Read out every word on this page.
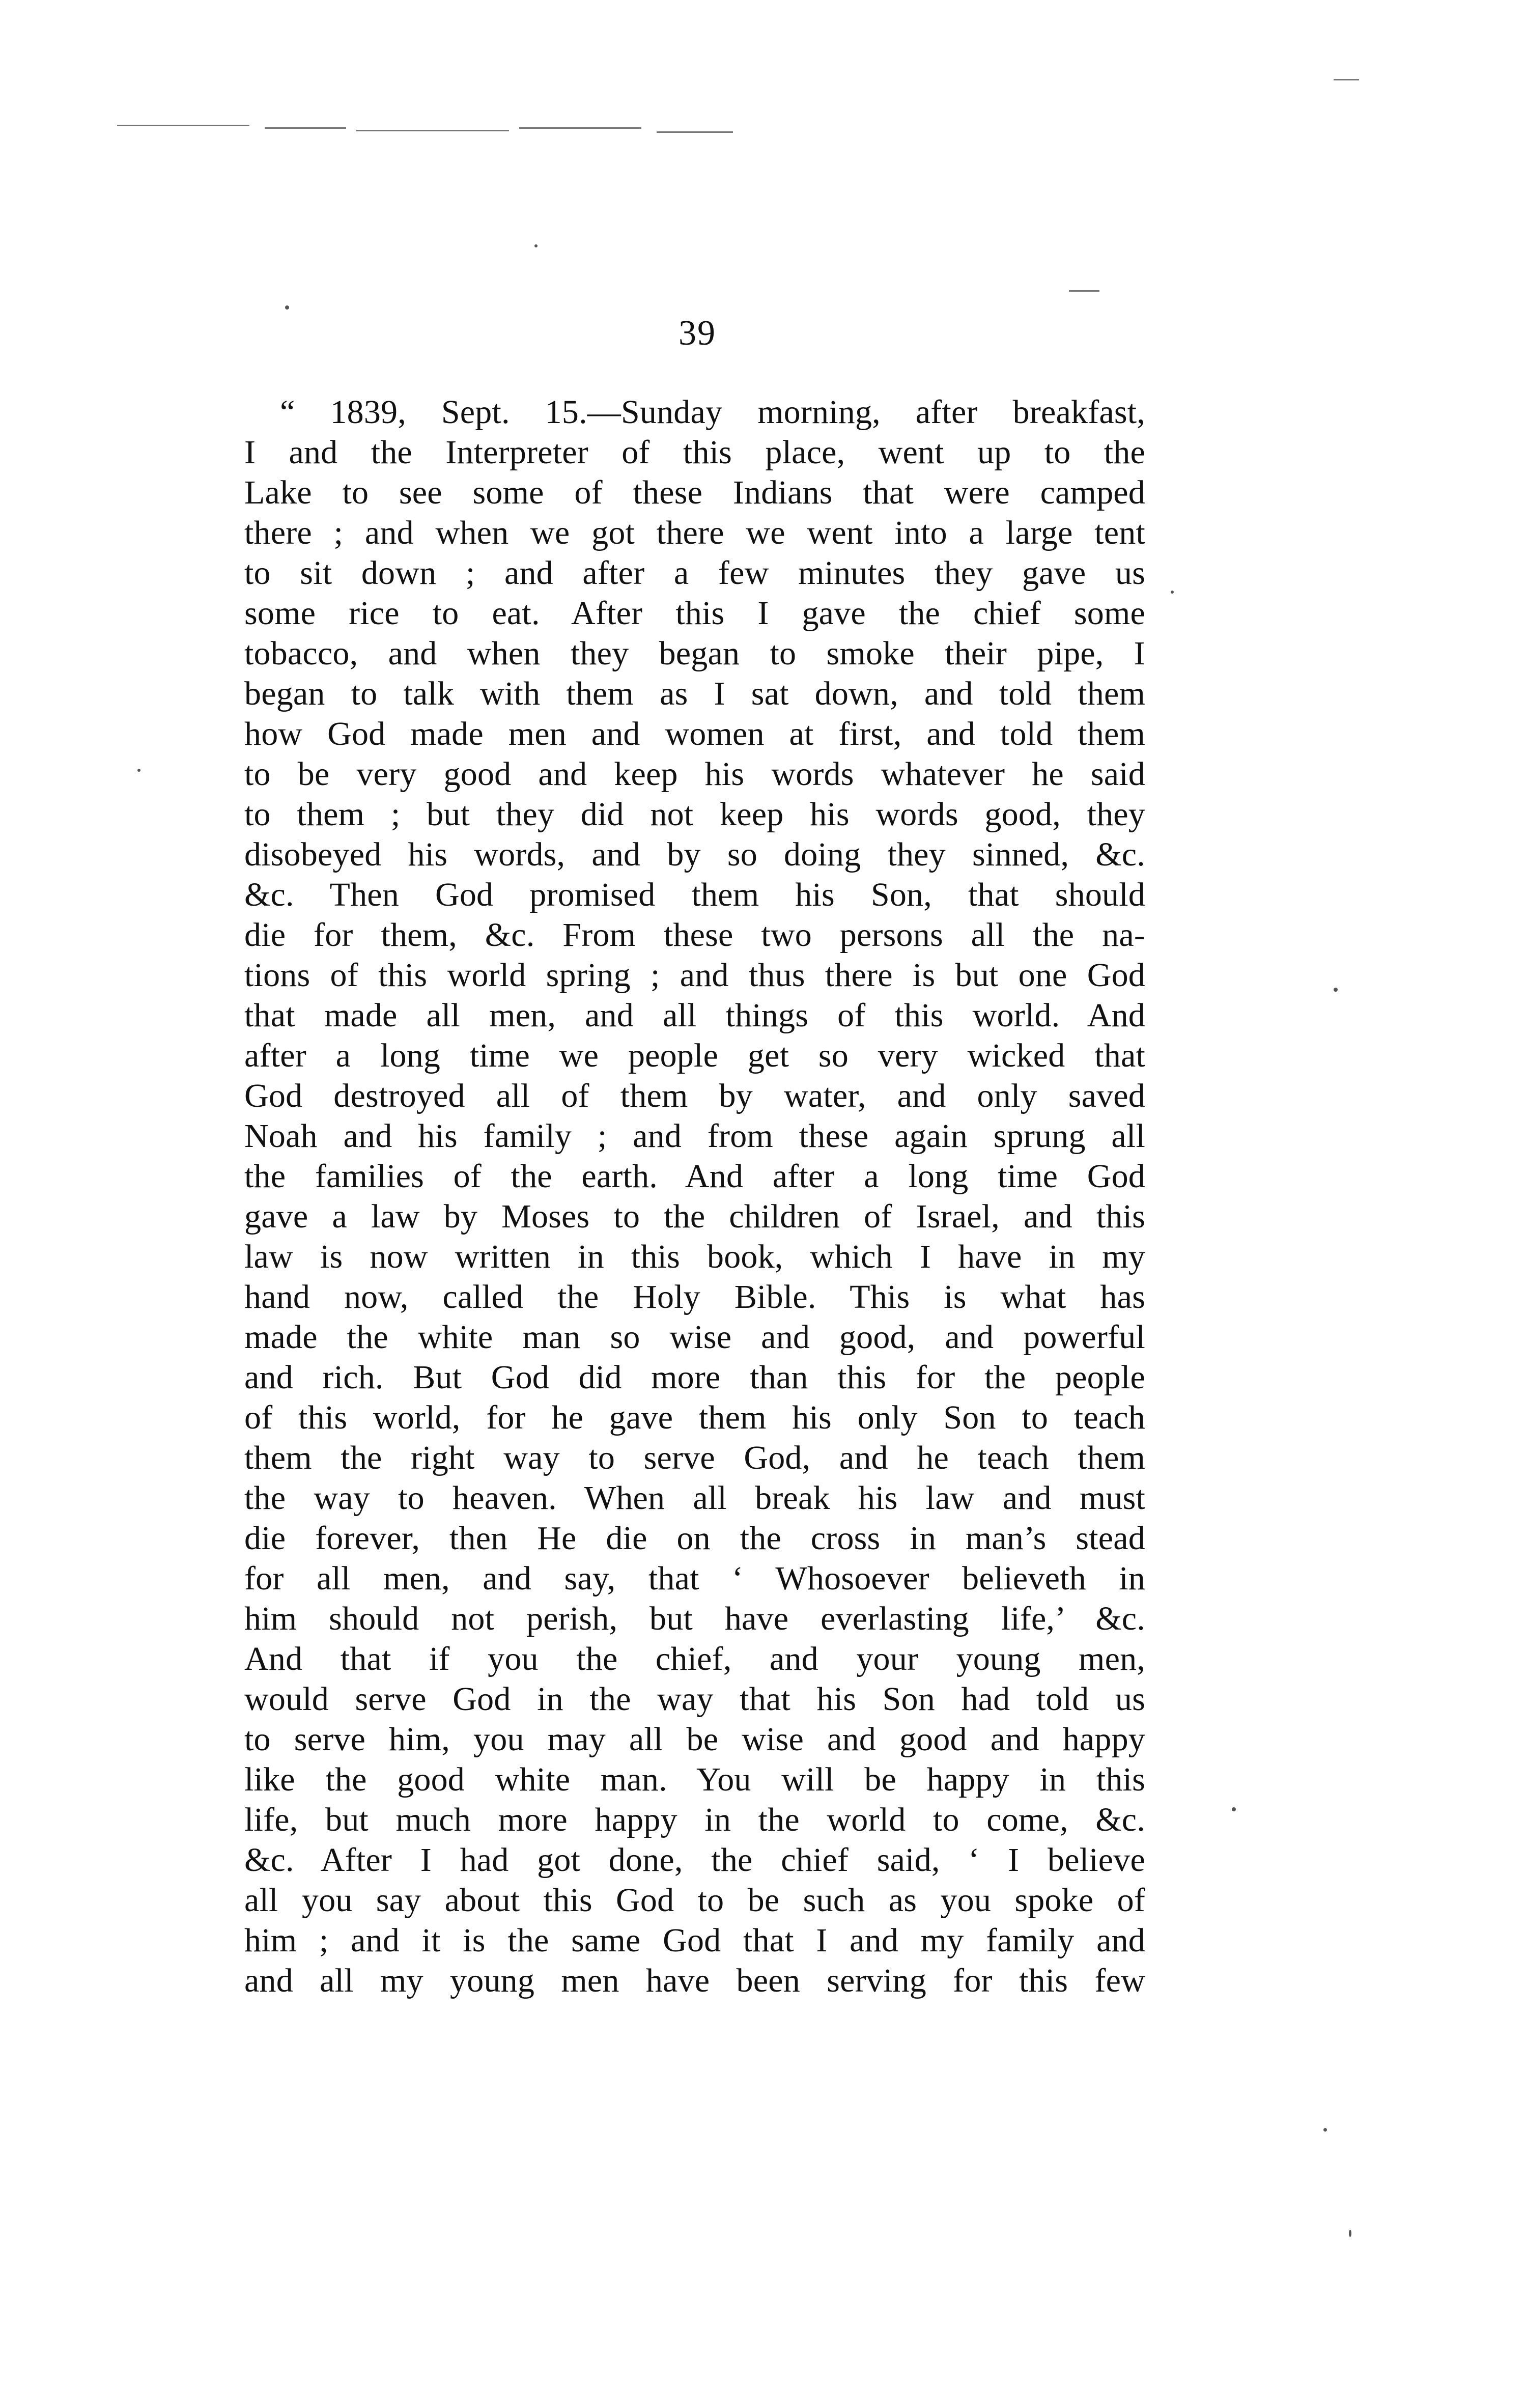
39
“ 1839, Sept. 15.—Sunday morning, after breakfast,
I and the Interpreter of this place, went up to the
Lake to see some of these Indians that were camped
there ; and when we got there we went into a large tent
to sit down ; and after a few minutes they gave us
some rice to eat. After this I gave the chief some
tobacco, and when they began to smoke their pipe, I
began to talk with them as I sat down, and told them
how God made men and women at first, and told them
to be very good and keep his words whatever he said
to them ; but they did not keep his words good, they
disobeyed his words, and by so doing they sinned, &c.
&c. Then God promised them his Son, that should
die for them, &c. From these two persons all the na-
tions of this world spring ; and thus there is but one God
that made all men, and all things of this world. And
after a long time we people get so very wicked that
God destroyed all of them by water, and only saved
Noah and his family ; and from these again sprung all
the families of the earth. And after a long time God
gave a law by Moses to the children of Israel, and this
law is now written in this book, which I have in my
hand now, called the Holy Bible. This is what has
made the white man so wise and good, and powerful
and rich. But God did more than this for the people
of this world, for he gave them his only Son to teach
them the right way to serve God, and he teach them
the way to heaven. When all break his law and must
die forever, then He die on the cross in man’s stead
for all men, and say, that ‘ Whosoever believeth in
him should not perish, but have everlasting life,’ &c.
And that if you the chief, and your young men,
would serve God in the way that his Son had told us
to serve him, you may all be wise and good and happy
like the good white man. You will be happy in this
life, but much more happy in the world to come, &c.
&c. After I had got done, the chief said, ‘ I believe
all you say about this God to be such as you spoke of
him ; and it is the same God that I and my family and
and all my young men have been serving for this few
